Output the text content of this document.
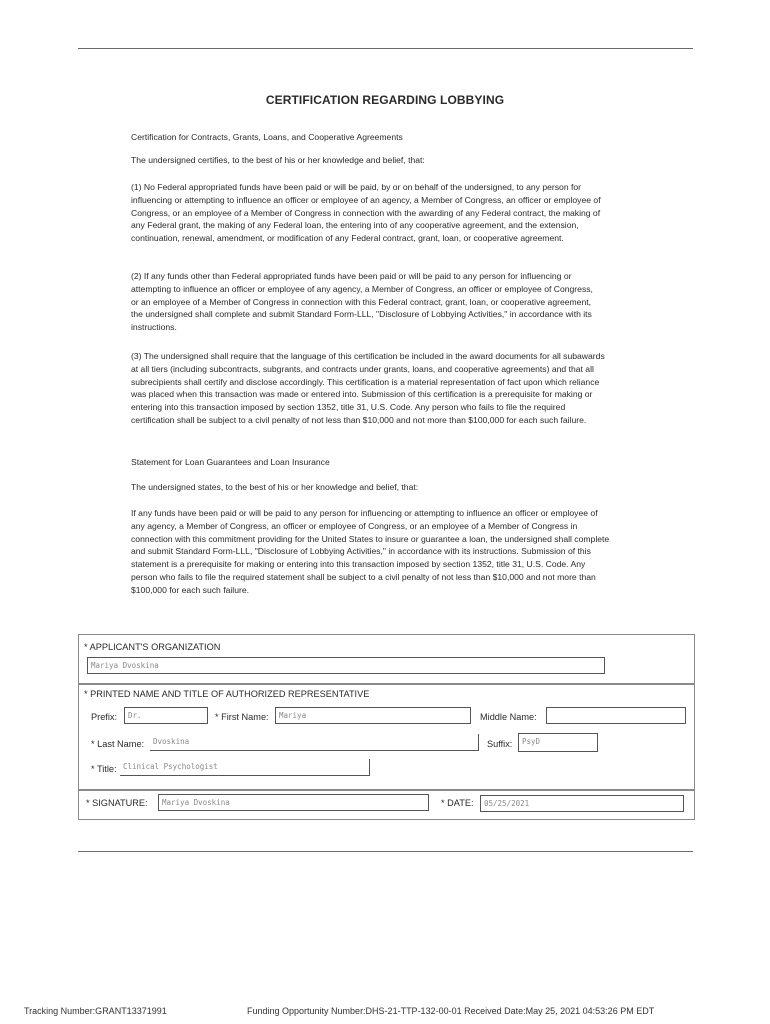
CERTIFICATION REGARDING LOBBYING

Certification for Contracts, Grants, Loans, and Cooperative Agreements

The undersigned certifies, to the best of his or her knowledge and belief, that:

(1) No Federal appropriated funds have been paid or will be paid, by or on behalf of the undersigned, to any person for influencing or attempting to influence an officer or employee of an agency, a Member of Congress, an officer or employee of Congress, or an employee of a Member of Congress in connection with the awarding of any Federal contract, the making of any Federal grant, the making of any Federal loan, the entering into of any cooperative agreement, and the extension, continuation, renewal, amendment, or modification of any Federal contract, grant, loan, or cooperative agreement.

(2) If any funds other than Federal appropriated funds have been paid or will be paid to any person for influencing or attempting to influence an officer or employee of any agency, a Member of Congress, an officer or employee of Congress, or an employee of a Member of Congress in connection with this Federal contract, grant, loan, or cooperative agreement, the undersigned shall complete and submit Standard Form-LLL, "Disclosure of Lobbying Activities," in accordance with its instructions.

(3) The undersigned shall require that the language of this certification be included in the award documents for all subawards at all tiers (including subcontracts, subgrants, and contracts under grants, loans, and cooperative agreements) and that all subrecipients shall certify and disclose accordingly. This certification is a material representation of fact upon which reliance was placed when this transaction was made or entered into. Submission of this certification is a prerequisite for making or entering into this transaction imposed by section 1352, title 31, U.S. Code. Any person who fails to file the required certification shall be subject to a civil penalty of not less than $10,000 and not more than $100,000 for each such failure.

Statement for Loan Guarantees and Loan Insurance

The undersigned states, to the best of his or her knowledge and belief, that:

If any funds have been paid or will be paid to any person for influencing or attempting to influence an officer or employee of any agency, a Member of Congress, an officer or employee of Congress, or an employee of a Member of Congress in connection with this commitment providing for the United States to insure or guarantee a loan, the undersigned shall complete and submit Standard Form-LLL, "Disclosure of Lobbying Activities," in accordance with its instructions. Submission of this statement is a prerequisite for making or entering into this transaction imposed by section 1352, title 31, U.S. Code. Any person who fails to file the required statement shall be subject to a civil penalty of not less than $10,000 and not more than $100,000 for each such failure.

* APPLICANT'S ORGANIZATION
Mariya Dvoskina
* PRINTED NAME AND TITLE OF AUTHORIZED REPRESENTATIVE
Prefix:	Dr.	* First Name:	Mariya	Middle Name:
* Last Name:	Dvoskina	Suffix:	PsyD
* Title: Clinical Psychologist
* SIGNATURE:	Mariya Dvoskina	* DATE:	05/25/2021
Tracking Number:GRANT13371991	Funding Opportunity Number:DHS-21-TTP-132-00-01 Received Date:May 25, 2021 04:53:26 PM EDT
